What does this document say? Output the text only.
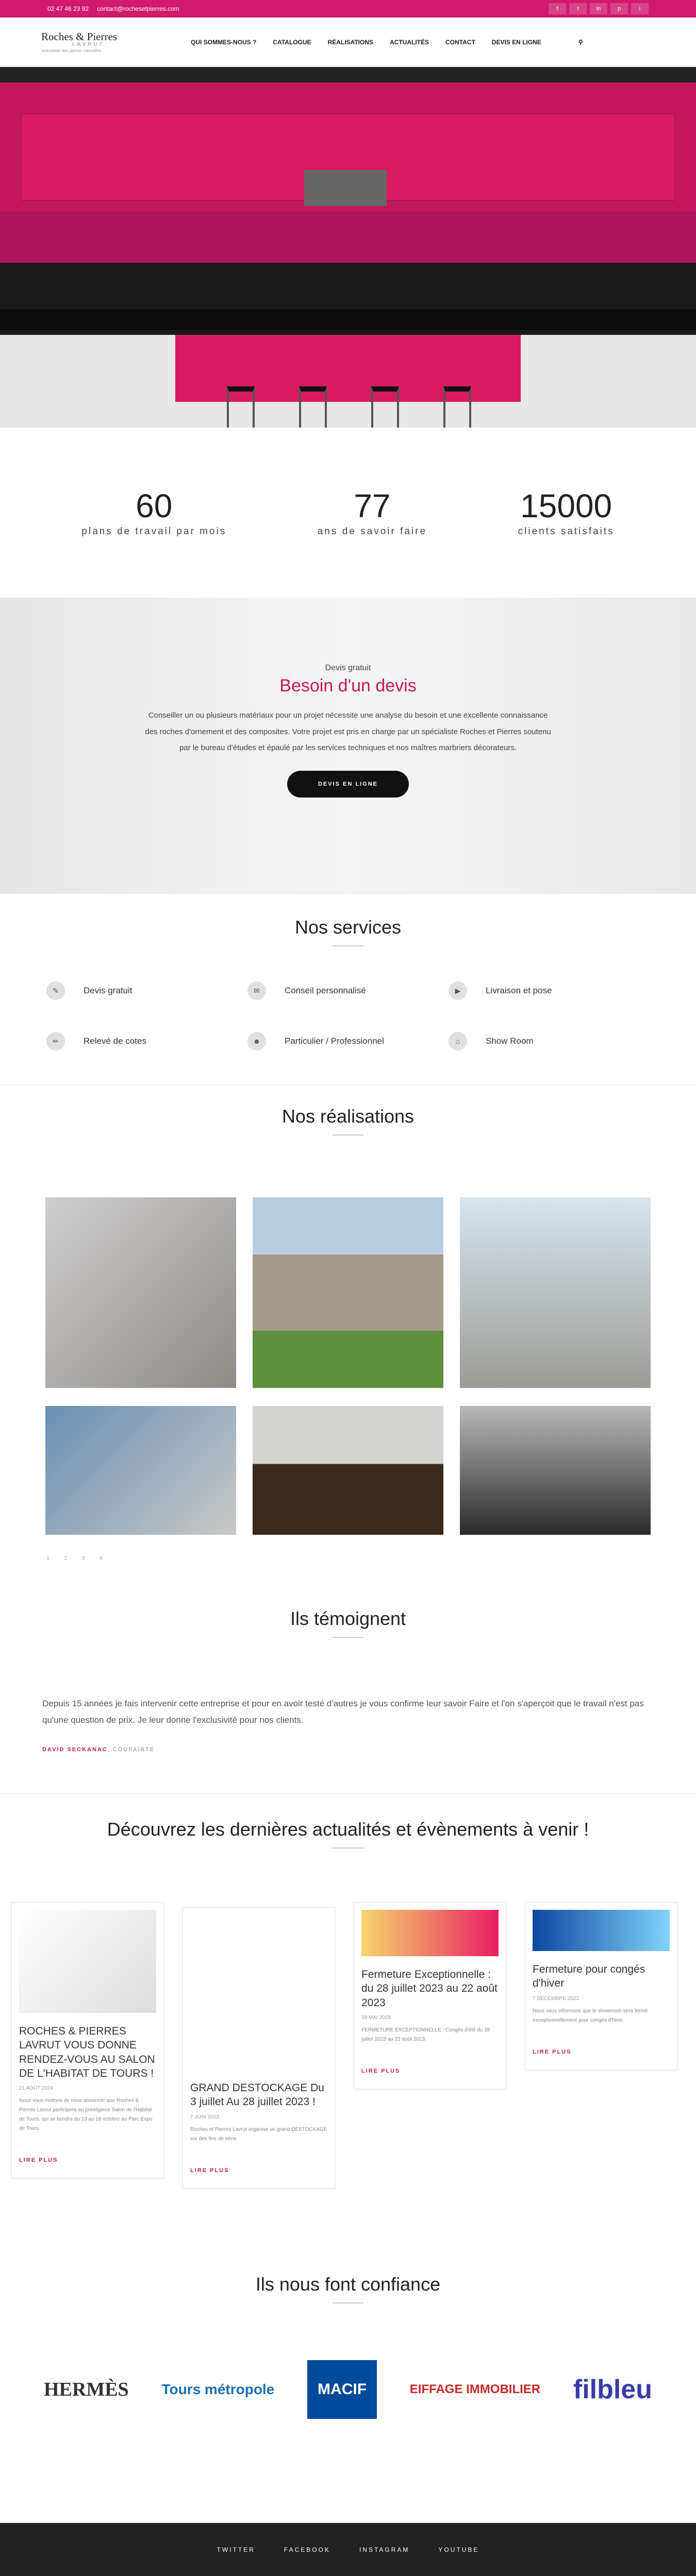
02 47 46 23 92 contact@rochesetpierres.com	f	t	in	p	i
Roches & Pierres
LAVRUT
spécialiste des pierres naturelles
QUI SOMMES-NOUS ?	CATALOGUE	RÉALISATIONS	ACTUALITÉS	CONTACT	DEVIS EN LIGNE	⚲
60
plans de travail par mois
77
ans de savoir faire
15000
clients satisfaits
Devis gratuit
Besoin d'un devis

Conseiller un ou plusieurs matériaux pour un projet nécessite une analyse du besoin et une excellente connaissance des roches d'ornement et des composites. Votre projet est pris en charge par un spécialiste Roches et Pierres soutenu par le bureau d'études et épaulé par les services techniques et nos maîtres marbriers décorateurs.

DEVIS EN LIGNE
Nos services
✎	Devis gratuit	✉	Conseil personnalisé	▶	Livraison et pose
✏	Relevé de cotes	☻	Particulier / Professionnel	⌂	Show Room
Nos réalisations
1	2	3	4
Ils témoignent

Depuis 15 années je fais intervenir cette entreprise et pour en avoir testé d'autres je vous confirme leur savoir Faire et l'on s'aperçoit que le travail n'est pas qu'une question de prix. Je leur donne l'exclusivité pour nos clients.

DAVID SECKANAC, COUPAIRTE
Découvrez les dernières actualités et évènements à venir !
ROCHES & PIERRES LAVRUT VOUS DONNE RENDEZ-VOUS AU SALON DE L'HABITAT DE TOURS !
21 AOÛT 2024
Nous vous invitons de nous annoncer que Roches & Pierres Lavrut participera au prestigieux Salon de l'Habitat de Tours, qui se tiendra du 13 au 16 octobre au Parc Expo de Tours.
LIRE PLUS
GRAND DESTOCKAGE Du 3 juillet Au 28 juillet 2023 !
7 JUIN 2023
Roches et Pierres Lavrut organise un grand DESTOCKAGE sur des fins de série.
LIRE PLUS
Fermeture Exceptionnelle : du 28 juillet 2023 au 22 août 2023
18 MAI 2023
FERMETURE EXCEPTIONNELLE : Congés d'été du 28 juillet 2023 au 22 août 2023.
LIRE PLUS
Fermeture pour congés d'hiver
7 DÉCEMBRE 2022
Nous vous informons que le showroom sera fermé exceptionnellement pour congés d'hiver.
LIRE PLUS
Ils nous font confiance
HERMÈS Tours métropole	MACIF	EIFFAGE IMMOBILIER filbleu
TWITTER	FACEBOOK	INSTAGRAM	YOUTUBE
